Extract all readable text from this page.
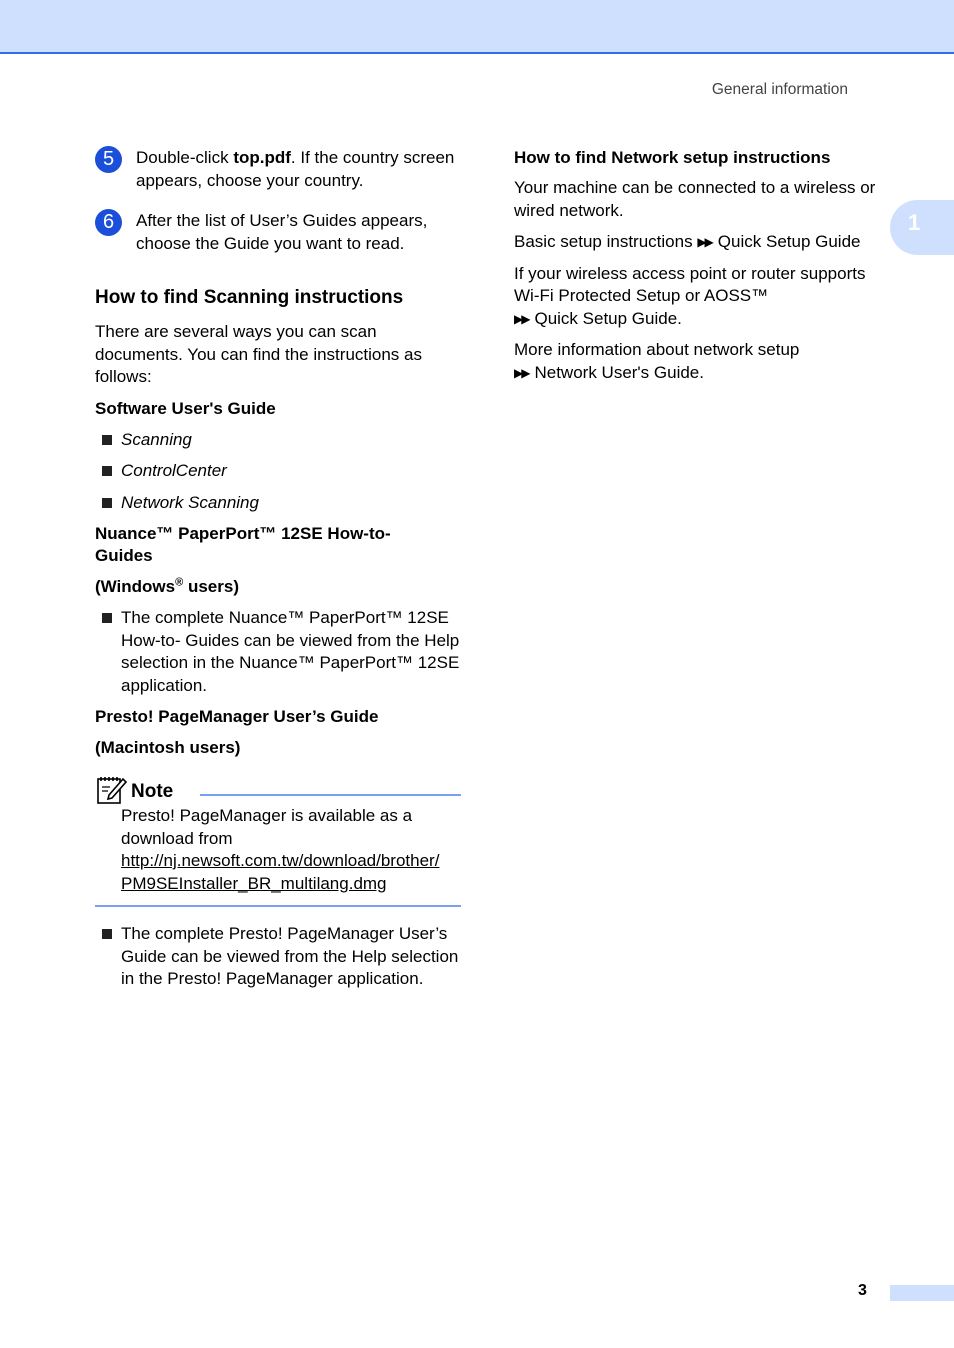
General information
1
5	Double-click top.pdf. If the country screen appears, choose your country.
6	After the list of User’s Guides appears, choose the Guide you want to read.
How to find Scanning instructions

There are several ways you can scan documents. You can find the instructions as follows:

Software User's Guide
Scanning
ControlCenter
Network Scanning
Nuance™ PaperPort™ 12SE How-to-Guides
(Windows® users)
The complete Nuance™ PaperPort™ 12SE How-to- Guides can be viewed from the Help selection in the Nuance™ PaperPort™ 12SE application.
Presto! PageManager User’s Guide
(Macintosh users)
Note
Presto! PageManager is available as a download from
http://nj.newsoft.com.tw/download/brother/
PM9SEInstaller_BR_multilang.dmg
The complete Presto! PageManager User’s Guide can be viewed from the Help selection in the Presto! PageManager application.
How to find Network setup instructions

Your machine can be connected to a wireless or wired network.

Basic setup instructions ▶▶ Quick Setup Guide

If your wireless access point or router supports Wi-Fi Protected Setup or AOSS™
▶▶ Quick Setup Guide.

More information about network setup
▶▶ Network User's Guide.

3
